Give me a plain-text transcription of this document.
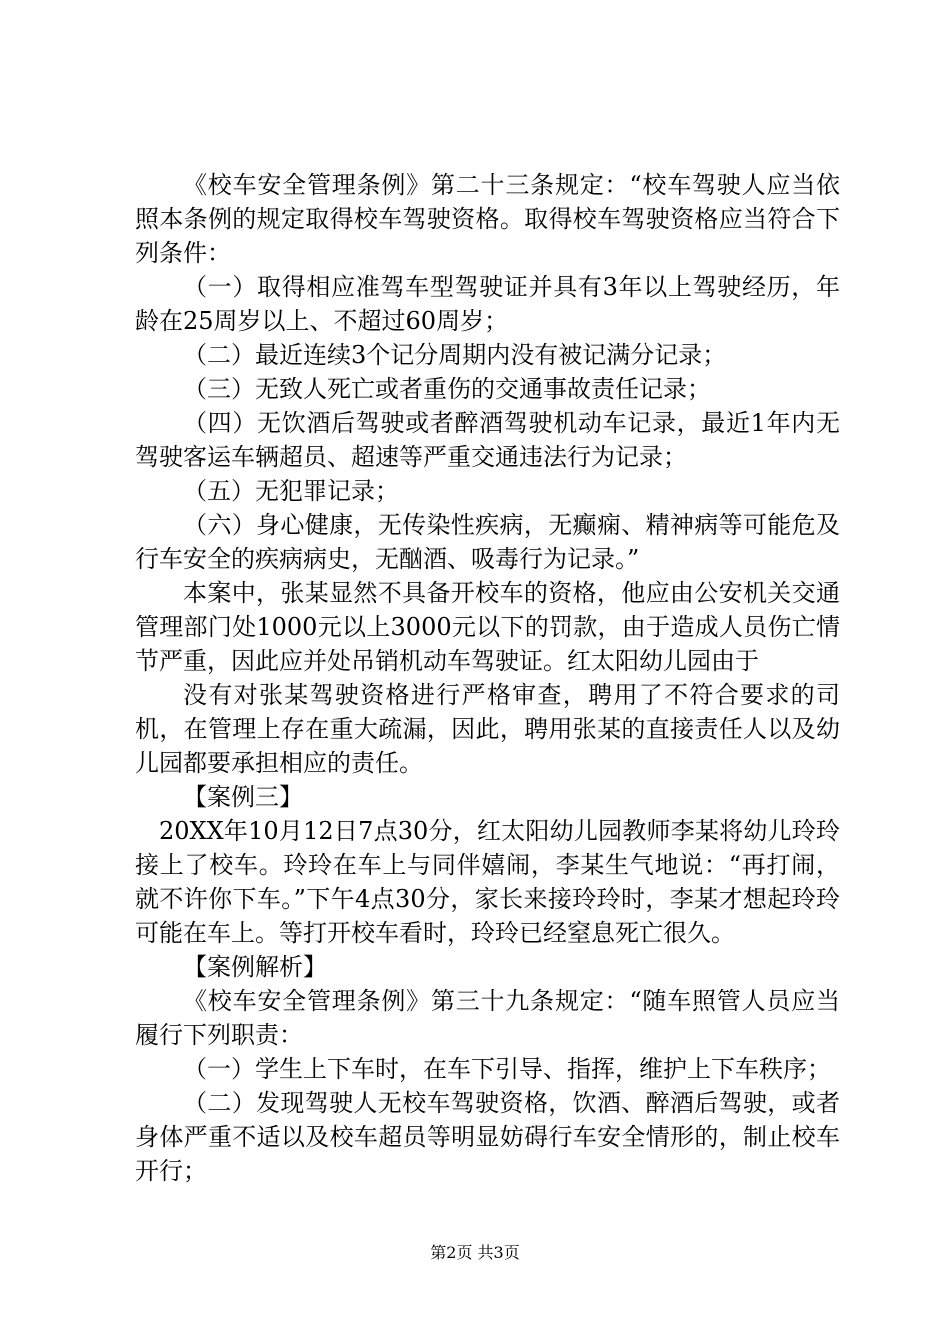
《校车安全管理条例》第二十三条规定：“校车驾驶人应当依照本条例的规定取得校车驾驶资格。取得校车驾驶资格应当符合下列条件：

（一）取得相应准驾车型驾驶证并具有3年以上驾驶经历，年龄在25周岁以上、不超过60周岁；

（二）最近连续3个记分周期内没有被记满分记录；

（三）无致人死亡或者重伤的交通事故责任记录；

（四）无饮酒后驾驶或者醉酒驾驶机动车记录，最近1年内无驾驶客运车辆超员、超速等严重交通违法行为记录；

（五）无犯罪记录；

（六）身心健康，无传染性疾病，无癫痫、精神病等可能危及行车安全的疾病病史，无酗酒、吸毒行为记录。”

本案中，张某显然不具备开校车的资格，他应由公安机关交通管理部门处1000元以上3000元以下的罚款，由于造成人员伤亡情节严重，因此应并处吊销机动车驾驶证。红太阳幼儿园由于

没有对张某驾驶资格进行严格审查，聘用了不符合要求的司机，在管理上存在重大疏漏，因此，聘用张某的直接责任人以及幼儿园都要承担相应的责任。

【案例三】

20XX年10月12日7点30分，红太阳幼儿园教师李某将幼儿玲玲接上了校车。玲玲在车上与同伴嬉闹，李某生气地说：“再打闹，就不许你下车。”下午4点30分，家长来接玲玲时，李某才想起玲玲可能在车上。等打开校车看时，玲玲已经窒息死亡很久。

【案例解析】

《校车安全管理条例》第三十九条规定：“随车照管人员应当履行下列职责：

（一）学生上下车时，在车下引导、指挥，维护上下车秩序；

（二）发现驾驶人无校车驾驶资格，饮酒、醉酒后驾驶，或者身体严重不适以及校车超员等明显妨碍行车安全情形的，制止校车开行；

第2页 共3页
